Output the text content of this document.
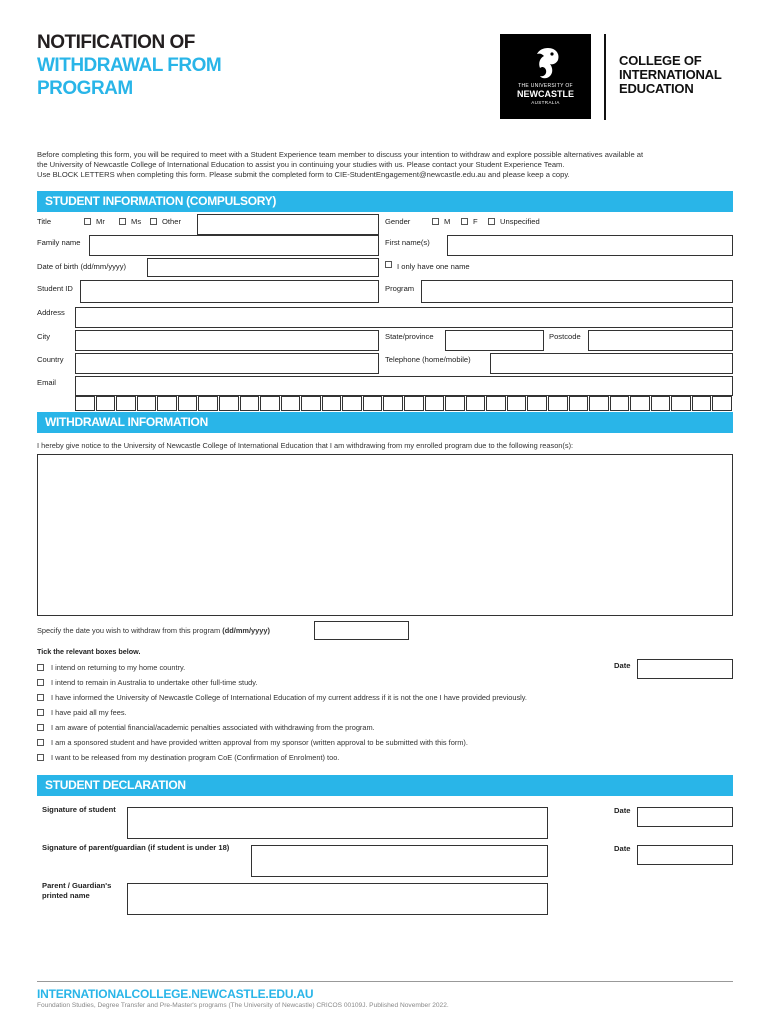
NOTIFICATION OF
WITHDRAWAL FROM
PROGRAM	THE UNIVERSITY OF
NEWCASTLE
AUSTRALIA
COLLEGE OF
INTERNATIONAL
EDUCATION
Before completing this form, you will be required to meet with a Student Experience team member to discuss your intention to withdraw and explore possible alternatives available at
the University of Newcastle College of International Education to assist you in continuing your studies with us. Please contact your Student Experience Team.
Use BLOCK LETTERS when completing this form. Please submit the completed form to CIE-StudentEngagement@newcastle.edu.au and please keep a copy.
STUDENT INFORMATION (COMPULSORY)
Title	Mr	Ms	Other	Gender	M	F	Unspecified
Family name	First name(s)
Date of birth (dd/mm/yyyy)	I only have one name
Student ID	Program
Address
City	State/province	Postcode
Country	Telephone (home/mobile)
Email
WITHDRAWAL INFORMATION
I hereby give notice to the University of Newcastle College of International Education that I am withdrawing from my enrolled program due to the following reason(s):
Specify the date you wish to withdraw from this program (dd/mm/yyyy)
Tick the relevant boxes below.
Date
I intend on returning to my home country.
I intend to remain in Australia to undertake other full-time study.
I have informed the University of Newcastle College of International Education of my current address if it is not the one I have provided previously.
I have paid all my fees.
I am aware of potential financial/academic penalties associated with withdrawing from the program.
I am a sponsored student and have provided written approval from my sponsor (written approval to be submitted with this form).
I want to be released from my destination program CoE (Confirmation of Enrolment) too.
STUDENT DECLARATION
Signature of student	Date
Signature of parent/guardian (if student is under 18)	Date
Parent / Guardian's
printed name
INTERNATIONALCOLLEGE.NEWCASTLE.EDU.AU
Foundation Studies, Degree Transfer and Pre-Master's programs (The University of Newcastle) CRICOS 00109J. Published November 2022.
